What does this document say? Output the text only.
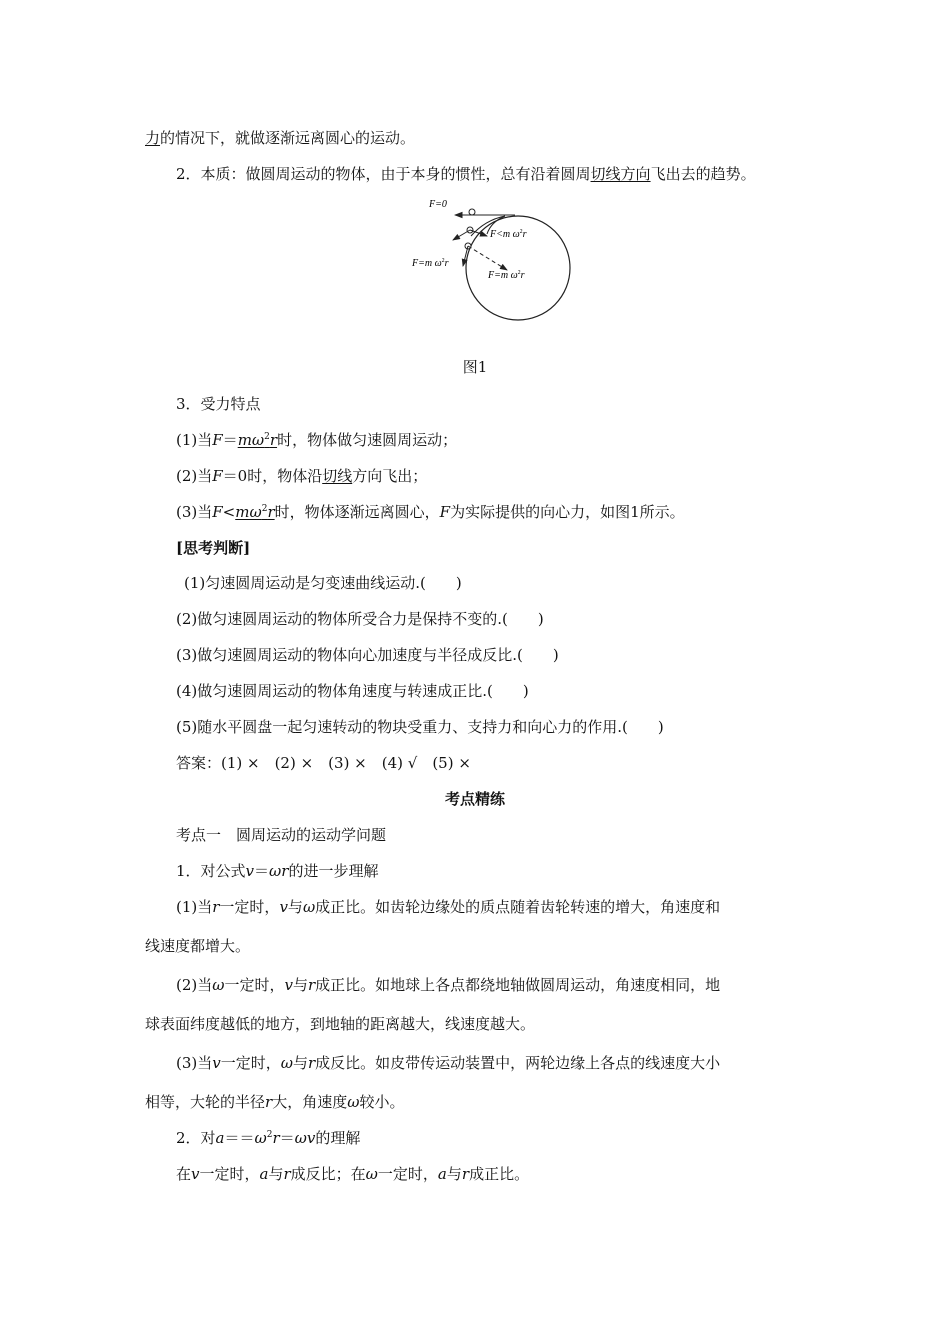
力的情况下，就做逐渐远离圆心的运动。
2．本质：做圆周运动的物体，由于本身的惯性，总有沿着圆周切线方向飞出去的趋势。
F=0
F<m $\omega^2r$
F=m $\omega^2r$
F=m $\omega^2r$
图1
3．受力特点
(1)当$F=m\omega^2r$时，物体做匀速圆周运动；
(2)当F＝0时，物体沿切线方向飞出；
(3)当$F<m\omega^2r$时，物体逐渐远离圆心，F为实际提供的向心力，如图1所示。
[思考判断]
(1)匀速圆周运动是匀变速曲线运动.(　　)
(2)做匀速圆周运动的物体所受合力是保持不变的.(　　)
(3)做匀速圆周运动的物体向心加速度与半径成反比.(　　)
(4)做匀速圆周运动的物体角速度与转速成正比.(　　)
(5)随水平圆盘一起匀速转动的物块受重力、支持力和向心力的作用.(　　)
答案：(1) ×　(2) ×　(3) ×　(4) √　(5) ×
考点精练
考点一　圆周运动的运动学问题
1．对公式v＝ωr的进一步理解
(1)当r一定时，v与ω成正比。如齿轮边缘处的质点随着齿轮转速的增大，角速度和
线速度都增大。
(2)当ω一定时，v与r成正比。如地球上各点都绕地轴做圆周运动，角速度相同，地
球表面纬度越低的地方，到地轴的距离越大，线速度越大。
(3)当v一定时，ω与r成反比。如皮带传运动装置中，两轮边缘上各点的线速度大小
相等，大轮的半径r大，角速度ω较小。
2．对$a==\omega^2r=\omega v$的理解
在v一定时，a与r成反比；在ω一定时，a与r成正比。
